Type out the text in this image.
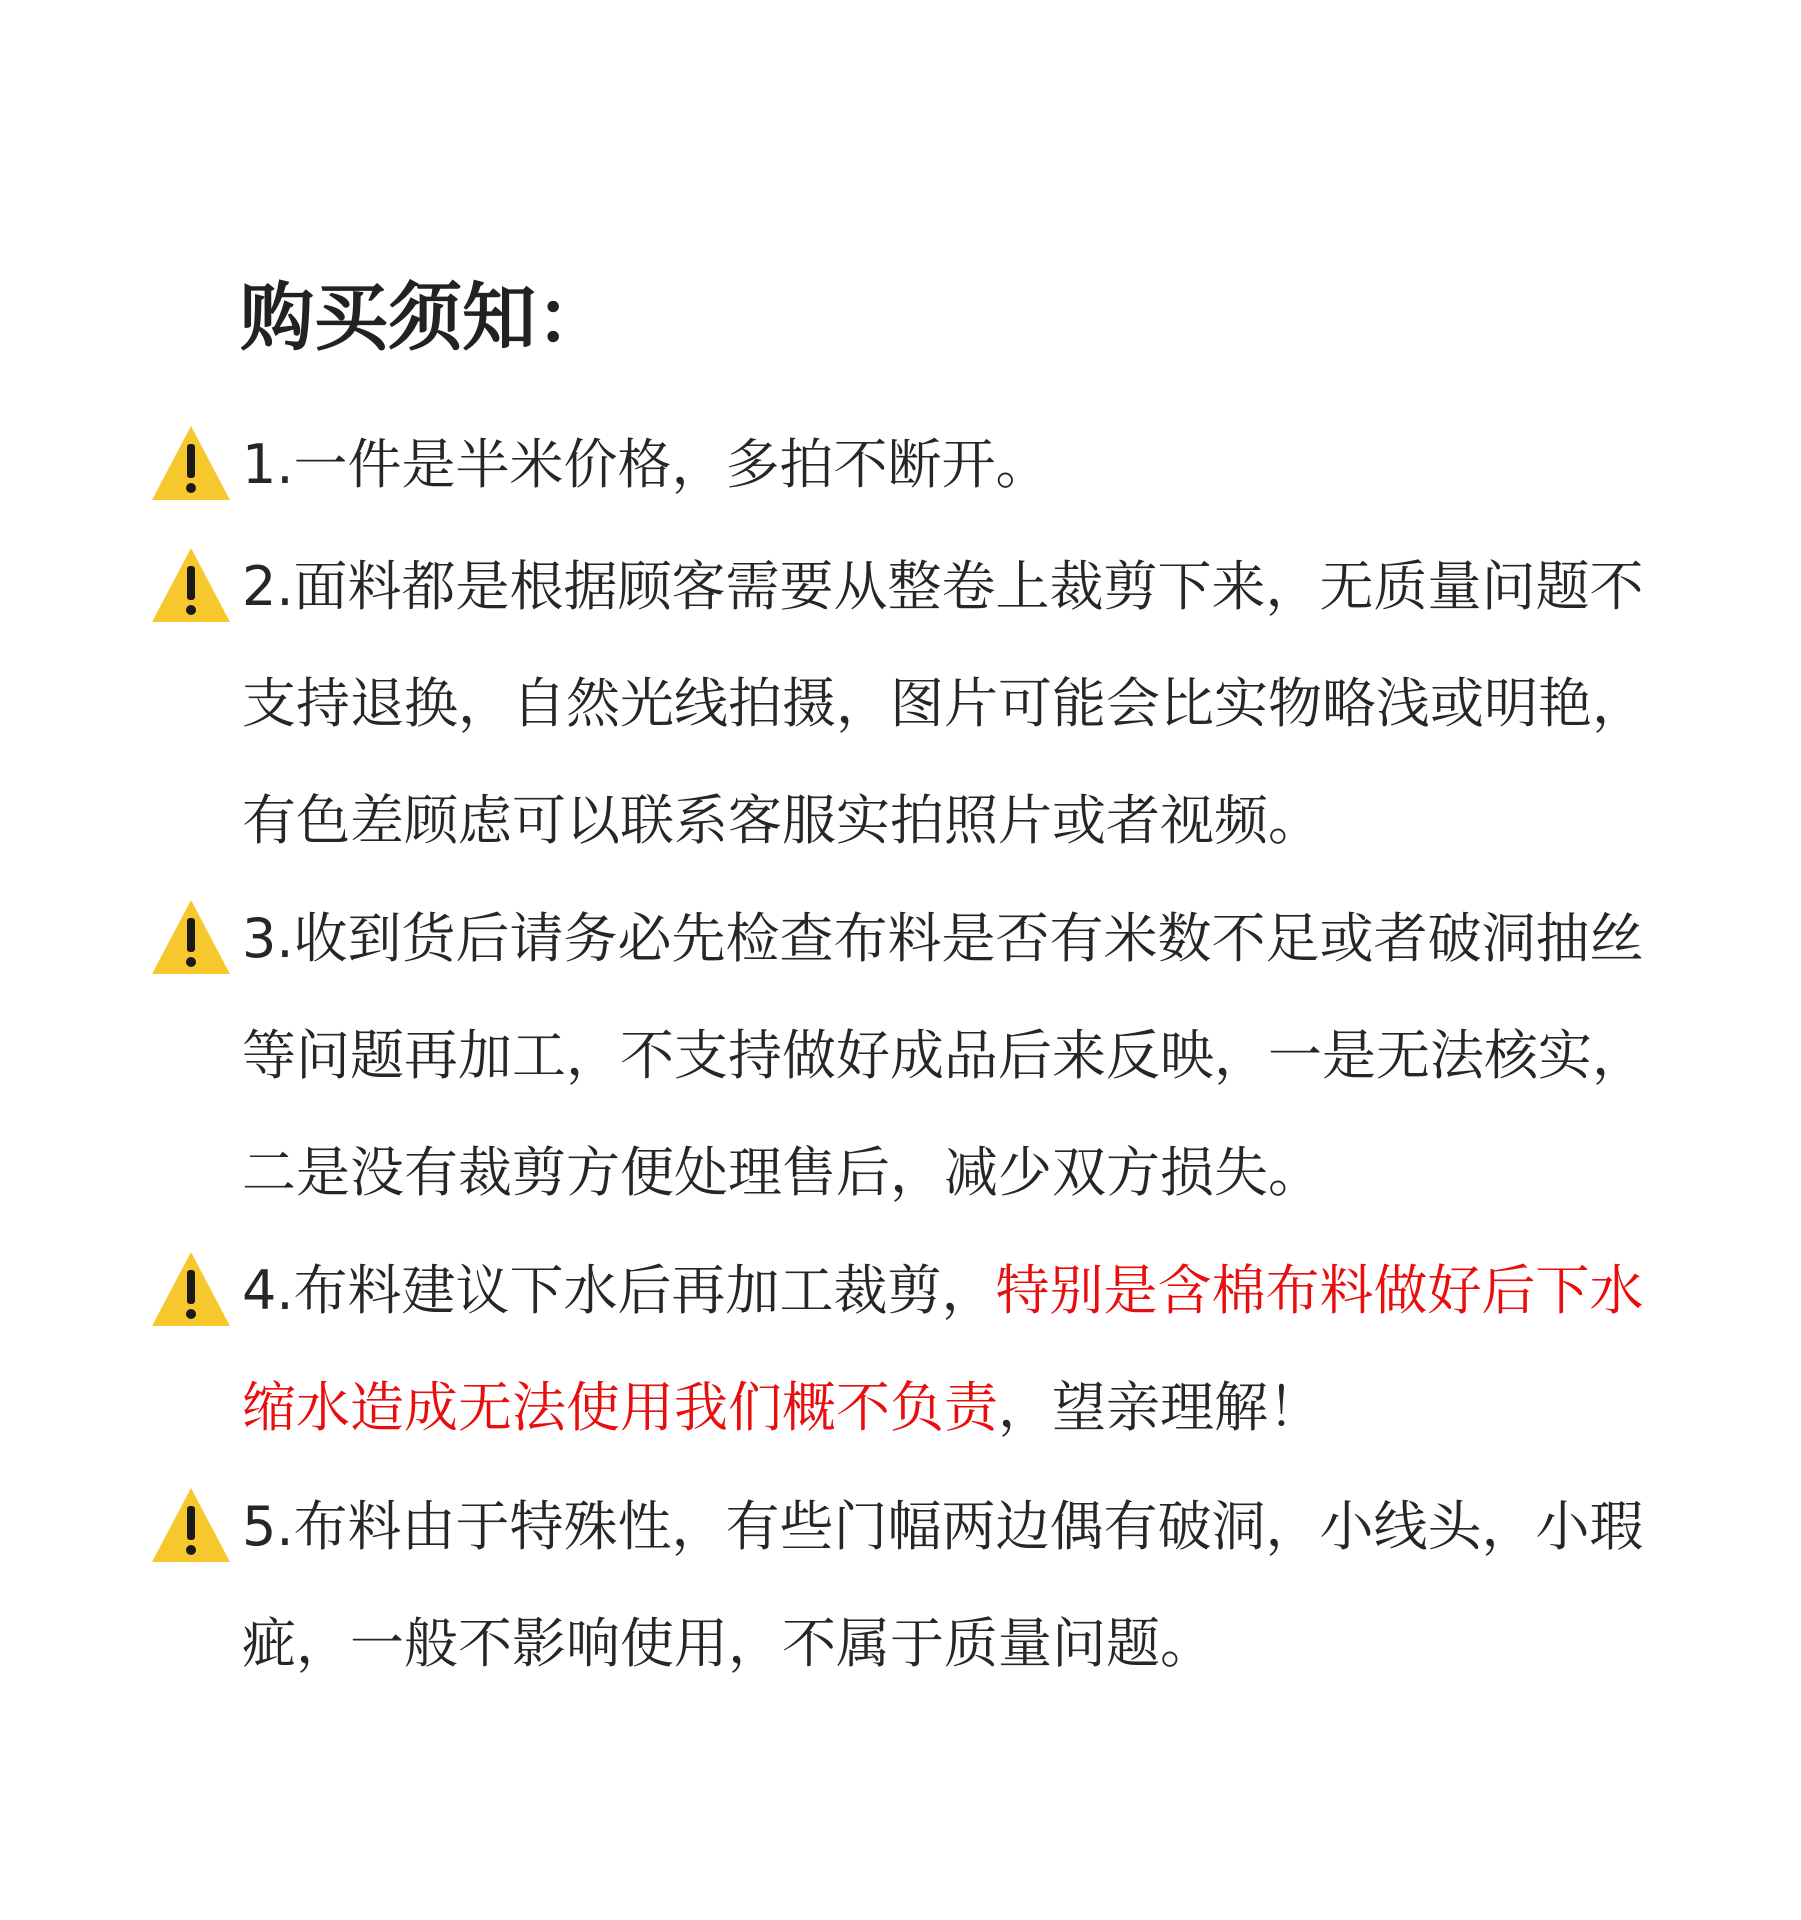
购买须知：
1.一件是半米价格，多拍不断开。
2.面料都是根据顾客需要从整卷上裁剪下来，无质量问题不支持退换，自然光线拍摄，图片可能会比实物略浅或明艳，有色差顾虑可以联系客服实拍照片或者视频。
3.收到货后请务必先检查布料是否有米数不足或者破洞抽丝等问题再加工，不支持做好成品后来反映，一是无法核实，二是没有裁剪方便处理售后，减少双方损失。
4.布料建议下水后再加工裁剪，特别是含棉布料做好后下水缩水造成无法使用我们概不负责，望亲理解！
5.布料由于特殊性，有些门幅两边偶有破洞，小线头，小瑕疵，一般不影响使用，不属于质量问题。
